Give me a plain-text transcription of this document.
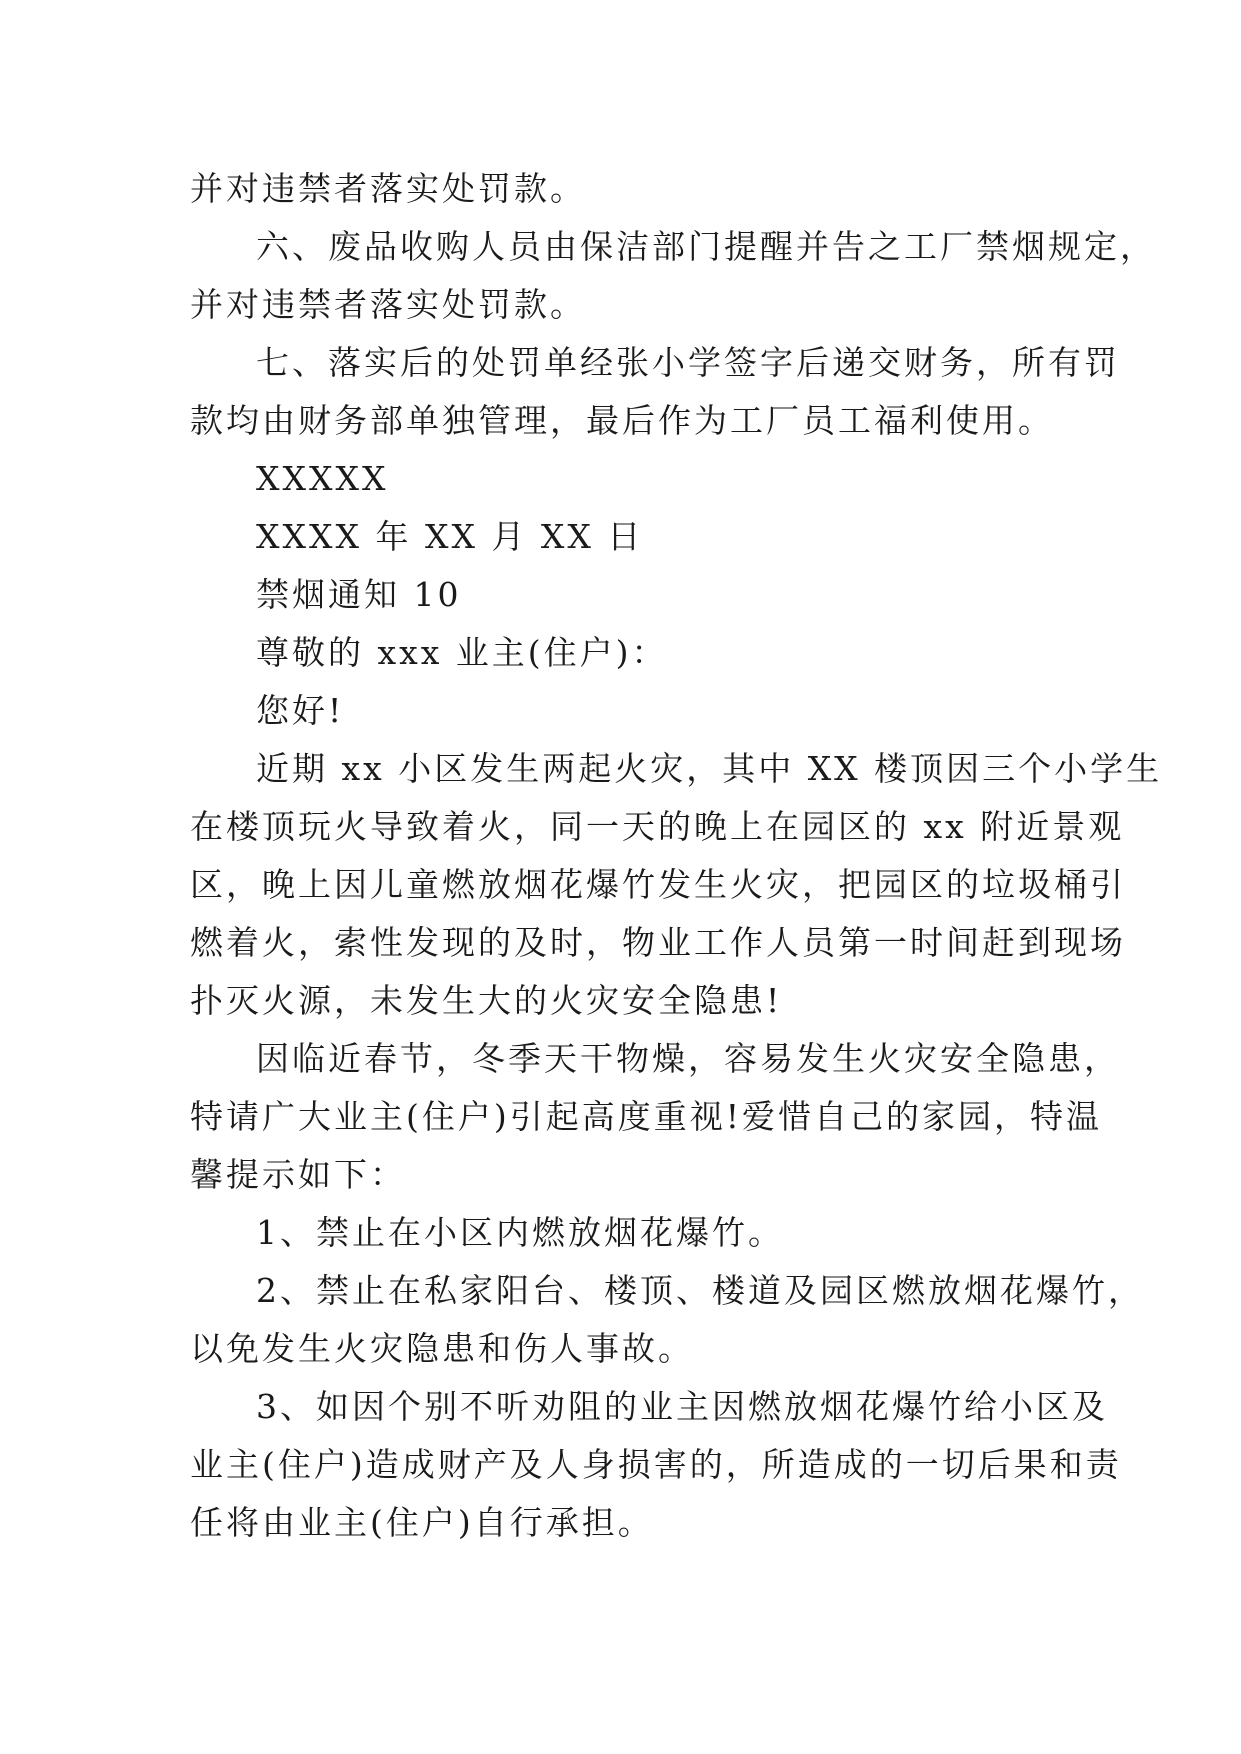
并对违禁者落实处罚款。
六、废品收购人员由保洁部门提醒并告之工厂禁烟规定，
并对违禁者落实处罚款。
七、落实后的处罚单经张小学签字后递交财务，所有罚
款均由财务部单独管理，最后作为工厂员工福利使用。
XXXXX
XXXX 年 XX 月 XX 日
禁烟通知 10
尊敬的 xxx 业主(住户)：
您好!
近期 xx 小区发生两起火灾，其中 XX 楼顶因三个小学生
在楼顶玩火导致着火，同一天的晚上在园区的 xx 附近景观
区，晚上因儿童燃放烟花爆竹发生火灾，把园区的垃圾桶引
燃着火，索性发现的及时，物业工作人员第一时间赶到现场
扑灭火源，未发生大的火灾安全隐患!
因临近春节，冬季天干物燥，容易发生火灾安全隐患，
特请广大业主(住户)引起高度重视!爱惜自己的家园，特温
馨提示如下：
1、禁止在小区内燃放烟花爆竹。
2、禁止在私家阳台、楼顶、楼道及园区燃放烟花爆竹，
以免发生火灾隐患和伤人事故。
3、如因个别不听劝阻的业主因燃放烟花爆竹给小区及
业主(住户)造成财产及人身损害的，所造成的一切后果和责
任将由业主(住户)自行承担。
